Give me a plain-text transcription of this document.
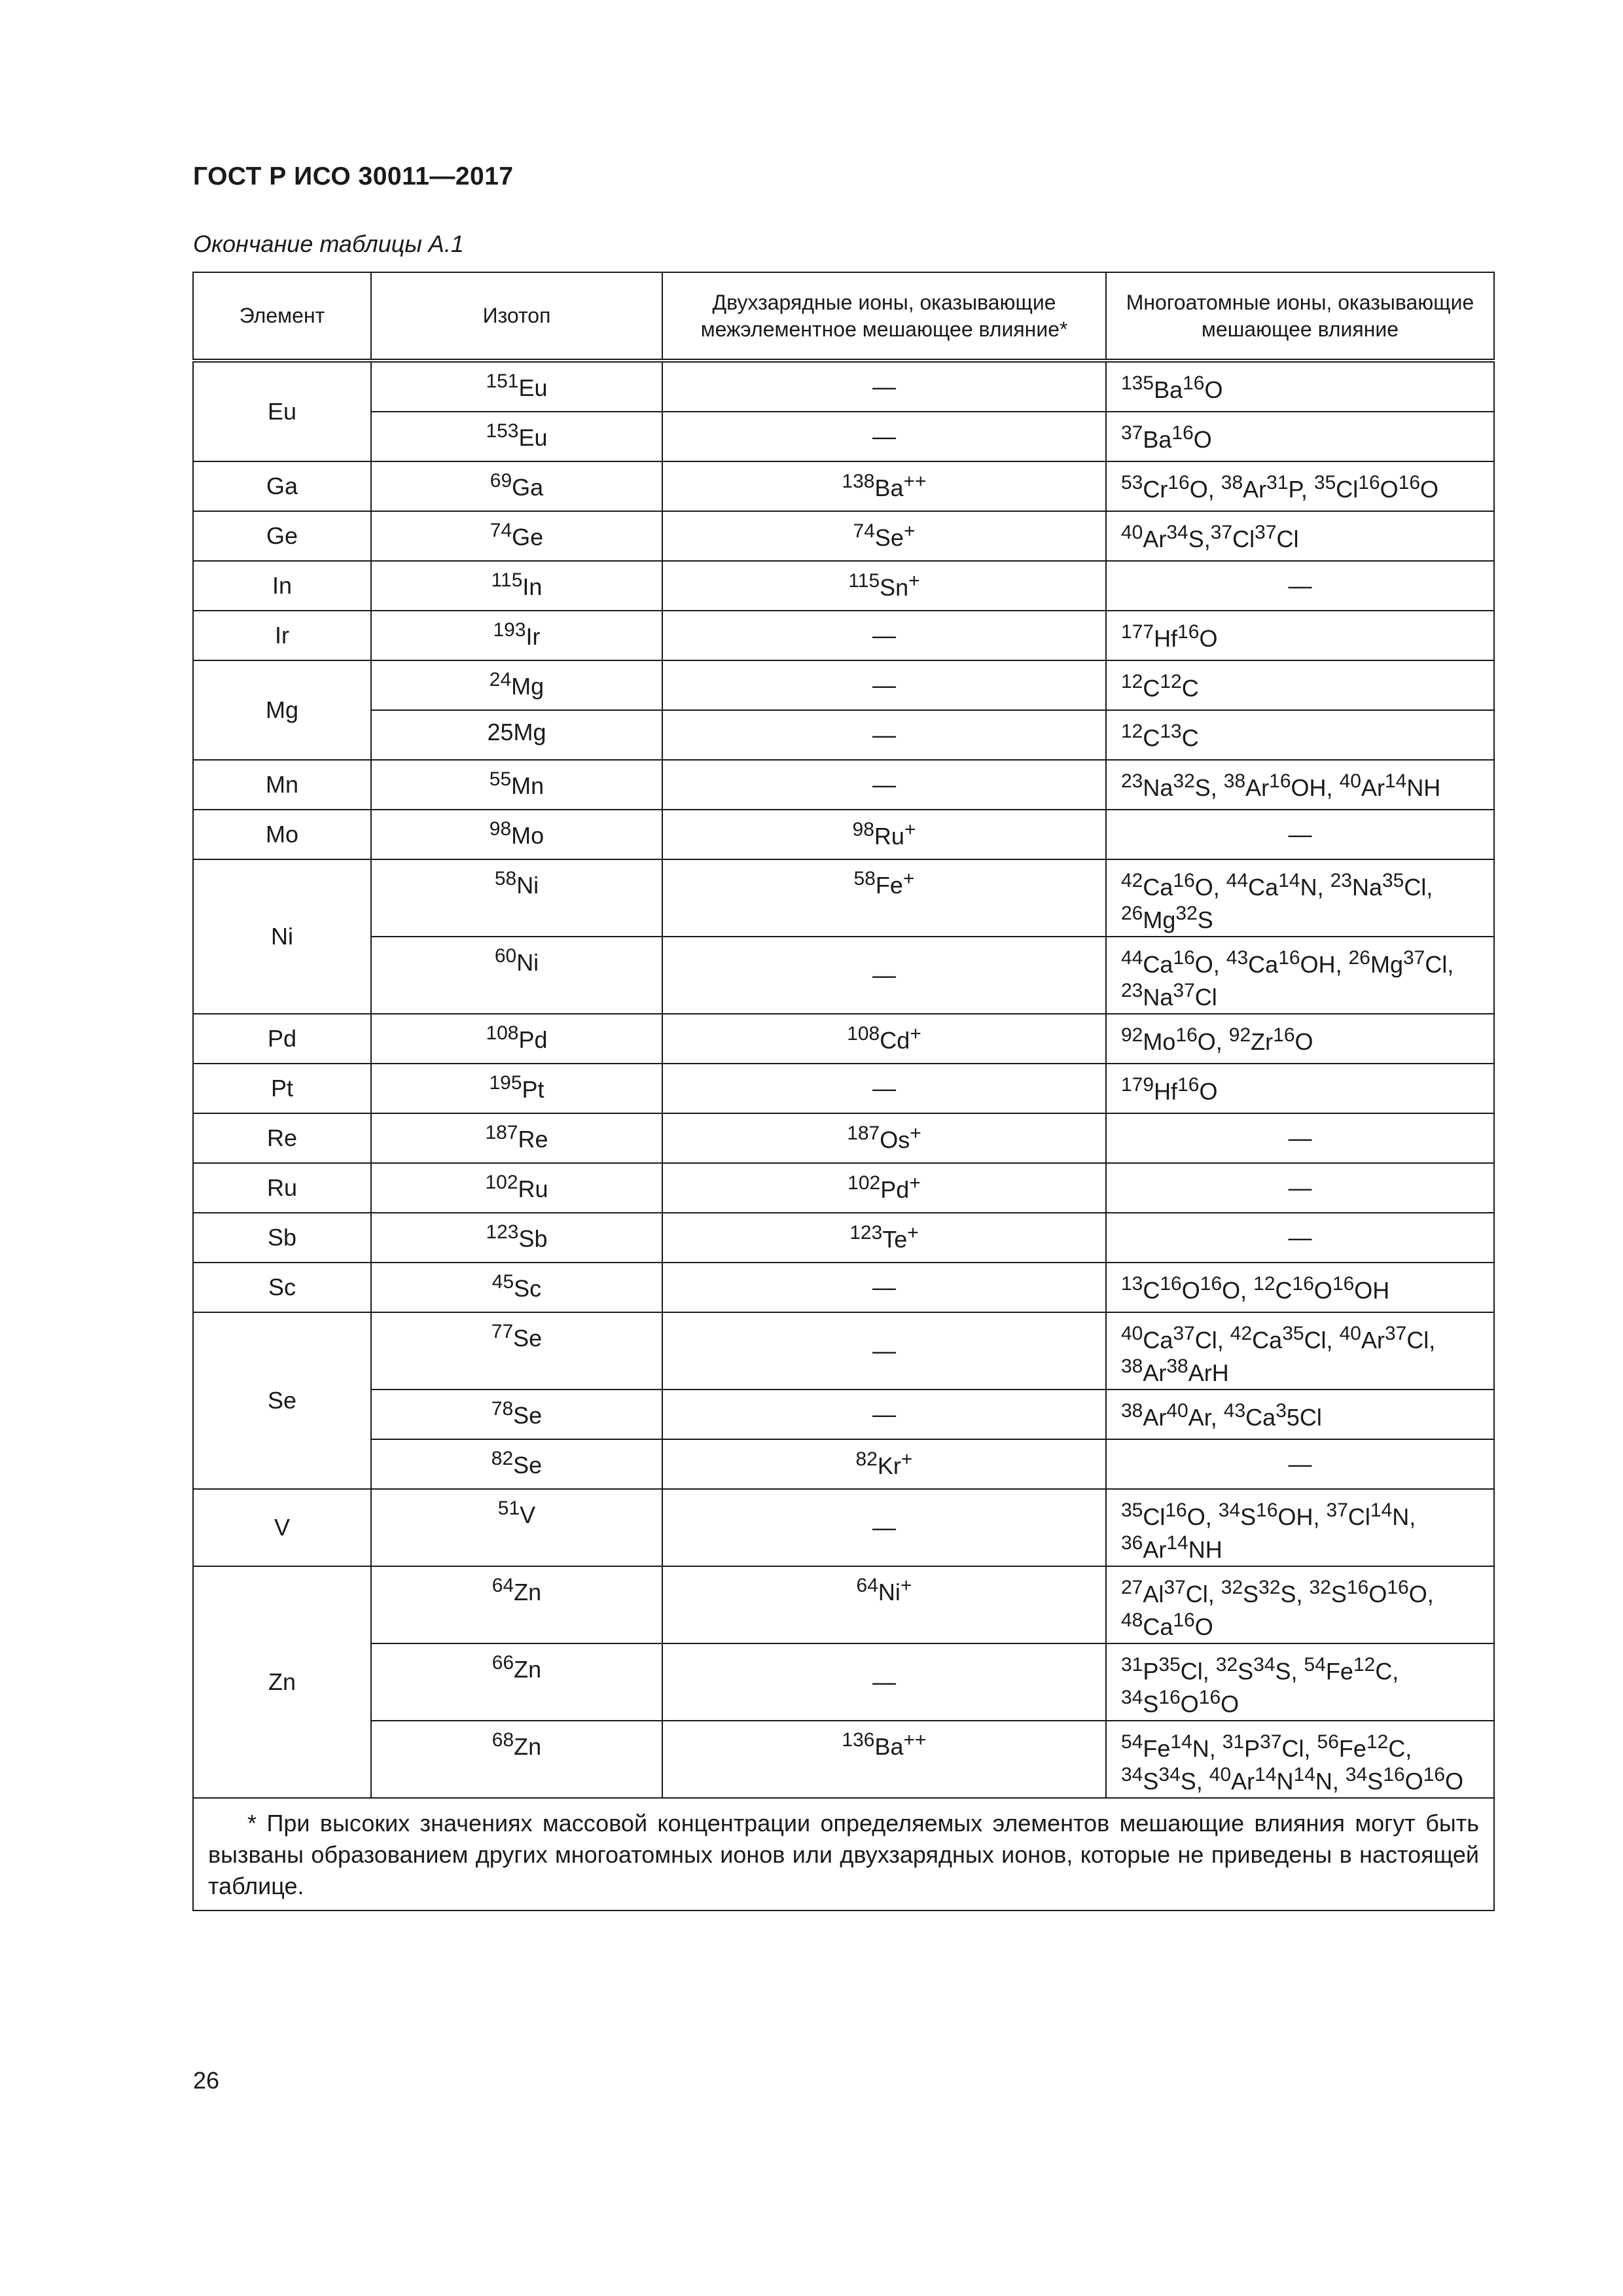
ГОСТ Р ИСО 30011—2017
Окончание таблицы А.1
Элемент	Изотоп	Двухзарядные ионы, оказывающие межэлементное мешающее влияние*	Многоатомные ионы, оказывающие мешающее влияние
Eu	$^{151}$Eu	—	$^{135}$Ba$^{16}$O
	$^{153}$Eu	—	$^{37}$Ba$^{16}$O
Ga	$^{69}$Ga	$^{138}$Ba++	$^{53}$Cr$^{16}$O, $^{38}$Ar$^{31}$P, $^{35}Cl^{16}O^{16}O$
Ge	$^{74}$Ge	$^{74}$Se+	$^{40}$Ar$^{34}$S,$^{37}$Cl$^{37}$Cl
In	$^{115}$In	$^{115}$Sn+	—
Ir	$^{193}$Ir	—	$^{177}$Hf$^{16}$O
Mg	$^{24}$Mg	—	$^{12}C^{12}C$
	25Mg	—	$^{12}C^{13}C$
Mn	$^{55}$Mn	—	$^{23}$Na$^{32}$S, $^{38}$Ar$^{16}$OH, $^{40}$Ar$^{14}$NH
Mo	$^{98}$Mo	$^{98}$Ru+	—
Ni	$^{58}$Ni	$^{58}$Fe+	$^{42}$Ca$^{16}$O, $^{44}$Ca$^{14}$N, $^{23}$Na$^{35}$Cl, $^{26}$Mg$^{32}$S
	$^{60}$Ni	—	$^{44}$Ca$^{16}$O, $^{43}$Ca$^{16}$OH, $^{26}$Mg$^{37}$Cl, $^{23}$Na$^{37}$Cl
Pd	$^{108}$Pd	$^{108}$Cd+	$^{92}$Mo$^{16}$O, $^{92}$Zr$^{16}$O
Pt	$^{195}$Pt	—	$^{179}$Hf$^{16}$O
Re	$^{187}$Re	$^{187}$Os+	—
Ru	$^{102}$Ru	$^{102}$Pd+	—
Sb	$^{123}$Sb	$^{123}$Te+	—
Sc	$^{45}$Sc	—	$^{13}C^{16}O^{16}O$, $^{12}C^{16}O^{16}OH$
Se	$^{77}$Se	—	$^{40}$Ca$^{37}$Cl, $^{42}$Ca$^{35}$Cl, $^{40}$Ar$^{37}$Cl, $^{38}$Ar$^{38}$ArH
	$^{78}$Se	—	$^{38}$Ar$^{40}$Ar, $^{43}$Ca$^3$5Cl
	$^{82}$Se	$^{82}$Kr+	—
V	$^{51}$V	—	$^{35}$Cl$^{16}$O, $^{34}S^{16}OH$, $^{37}$Cl$^{14}$N, $^{36}$Ar$^{14}$NH
Zn	$^{64}$Zn	$^{64}$Ni+	$^{27}$Al$^{37}$Cl, $^{32}S^{32}S$, $^{32}S^{16}O^{16}O$, $^{48}$Ca$^{16}$O
	$^{66}$Zn	—	$^{31}P^{35}Cl$, $^{32}S^{34}S$, $^{54}$Fe$^{12}$C, $^{34}S^{16}O^{16}O$
	$^{68}$Zn	$^{136}$Ba++	$^{54}$Fe$^{14}$N, $^{31}P^{37}Cl$, $^{56}$Fe$^{12}$C, $^{34}S^{34}S$, $^{40}Ar^{14}N^{14}N$, $^{34}S^{16}O^{16}O$
* При высоких значениях массовой концентрации определяемых элементов мешающие влияния могут быть вызваны образованием других многоатомных ионов или двухзарядных ионов, которые не приведены в настоящей таблице.			
26
